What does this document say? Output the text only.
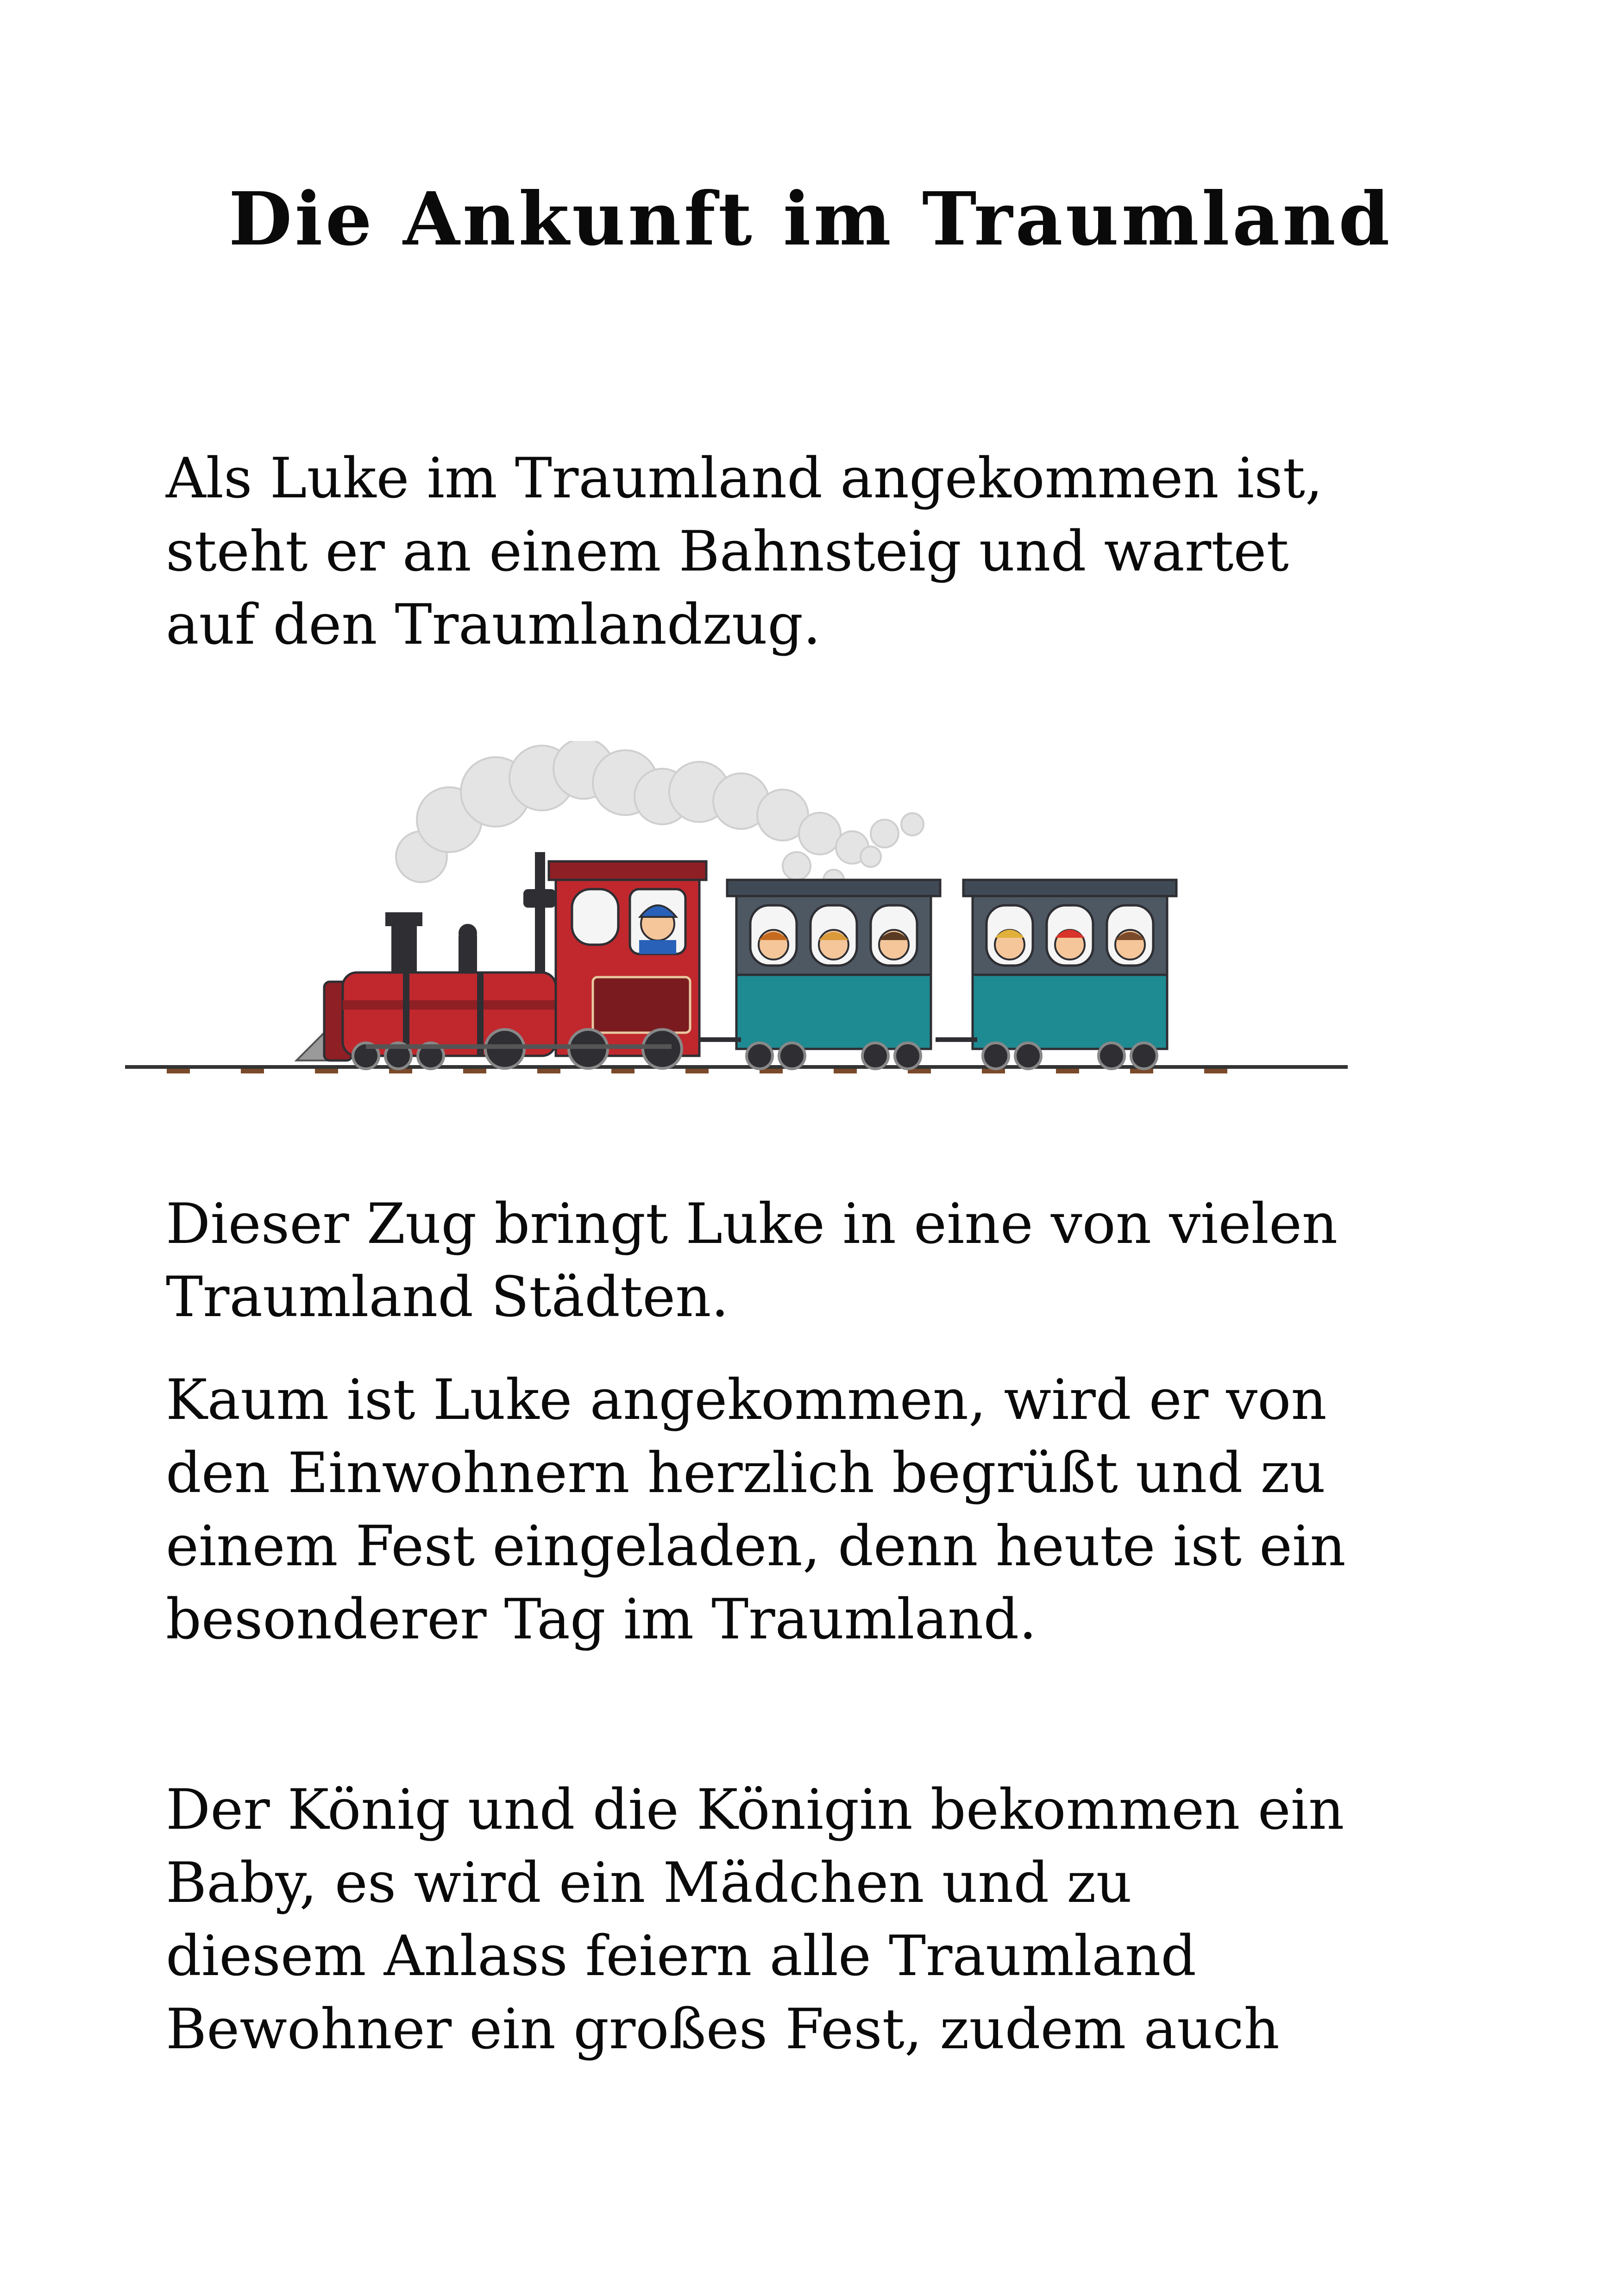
Die Ankunft im Traumland

Als Luke im Traumland angekommen ist,
steht er an einem Bahnsteig und wartet
auf den Traumlandzug.

Dieser Zug bringt Luke in eine von vielen
Traumland Städten.

Kaum ist Luke angekommen, wird er von
den Einwohnern herzlich begrüßt und zu
einem Fest eingeladen, denn heute ist ein
besonderer Tag im Traumland.

Der König und die Königin bekommen ein
Baby, es wird ein Mädchen und zu
diesem Anlass feiern alle Traumland
Bewohner ein großes Fest, zudem auch
